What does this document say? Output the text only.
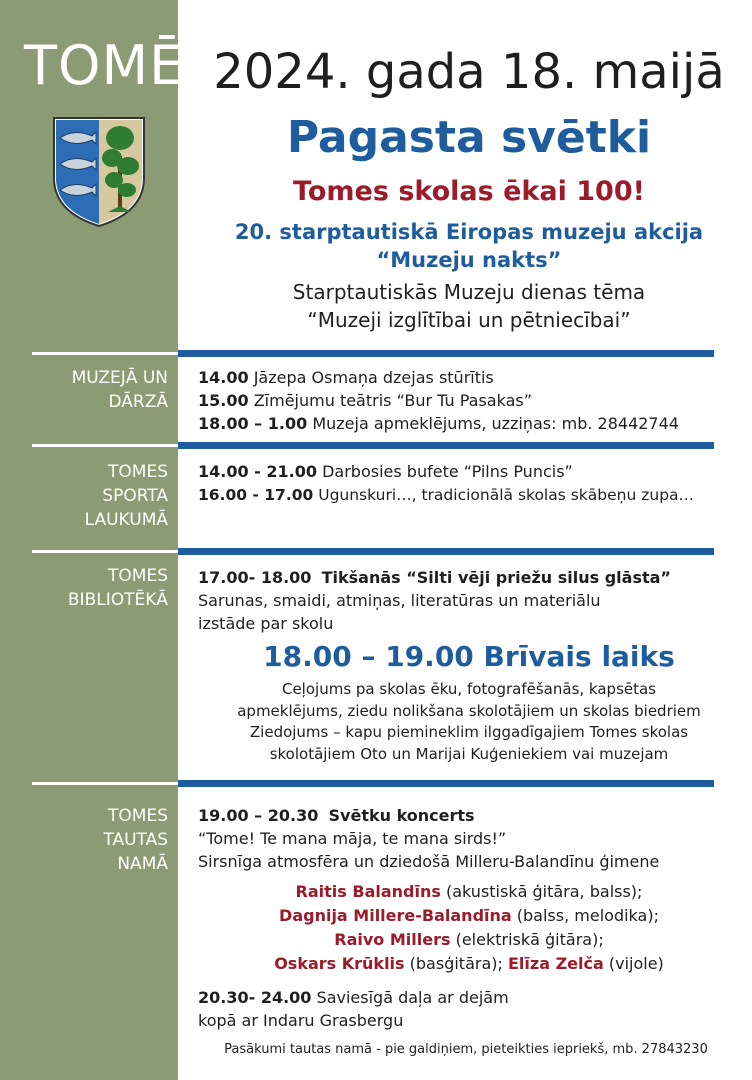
TOMĒ 2024. gada 18. maijā
Pagasta svētki
Tomes skolas ēkai 100!
20. starptautiskā Eiropas muzeju akcija
“Muzeju nakts”
Starptautiskās Muzeju dienas tēma
“Muzeji izglītībai un pētniecībai”
MUZEJĀ UN
DĀRZĀ
14.00 Jāzepa Osmaņa dzejas stūrītis
15.00 Zīmējumu teātris “Bur Tu Pasakas”
18.00 – 1.00 Muzeja apmeklējums, uzziņas: mb. 28442744
TOMES
SPORTA
LAUKUMĀ
14.00 - 21.00 Darbosies bufete “Pilns Puncis”
16.00 - 17.00 Ugunskuri…, tradicionālā skolas skābeņu zupa…
TOMES
BIBLIOTĒKĀ
17.00- 18.00 Tikšanās “Silti vēji priežu silus glāsta”
Sarunas, smaidi, atmiņas, literatūras un materiālu
izstāde par skolu
18.00 – 19.00 Brīvais laiks
Ceļojums pa skolas ēku, fotografēšanās, kapsētas
apmeklējums, ziedu nolikšana skolotājiem un skolas biedriem
Ziedojums – kapu piemineklim ilggadīgajiem Tomes skolas
skolotājiem Oto un Marijai Kuģeniekiem vai muzejam
TOMES
TAUTAS
NAMĀ
19.00 – 20.30 Svētku koncerts
“Tome! Te mana māja, te mana sirds!”
Sirsnīga atmosfēra un dziedošā Milleru-Balandīnu ģimene
Raitis Balandīns (akustiskā ģitāra, balss);
Dagnija Millere-Balandīna (balss, melodika);
Raivo Millers (elektriskā ģitāra);
Oskars Krūklis (basģitāra); Elīza Zelča (vijole)
20.30- 24.00 Saviesīgā daļa ar dejām
kopā ar Indaru Grasbergu
Pasākumi tautas namā - pie galdiņiem, pieteikties iepriekš, mb. 27843230
